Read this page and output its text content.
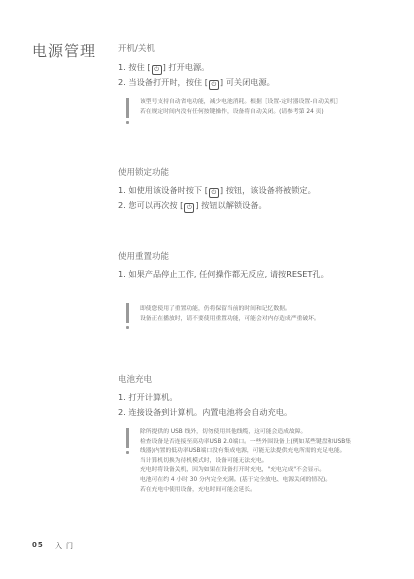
电源管理	开机/关机
1. 按住 [ ⏻ ] 打开电源。
2. 当设备打开时，按住 [ ⏻ ] 可关闭电源。

该型号支持自动省电功能，减少电池消耗。根据［设置-定时器设置-自动关机］

若在规定时间内没有任何按键操作，设备将自动关闭。(请参考第 24 页)

使用锁定功能
1. 如使用该设备时按下 [ ⏻ ] 按钮，该设备将被锁定。
2. 您可以再次按 [ ⏻ ] 按钮以解锁设备。
使用重置功能
1. 如果产品停止工作, 任何操作都无反应, 请按RESET孔。

即使您使用了重置功能，仍将保留当前的时间和记忆数据。

设备正在播放时，请不要使用重置功能，可能会对内存造成严重破坏。

电池充电
1. 打开计算机。
2. 连接设备到计算机。内置电池将会自动充电。

除所提供的 USB 线外，切勿使用其他线缆，这可能会造成故障。

检查设备是否连接至高功率USB 2.0端口。一些外围设备上(例如某些键盘和USB集

线器)内置的低功率USB端口没有集成电源，可能无法提供充电所需的充足电能。

当计算机切换为待机模式时，设备可能无法充电。

充电时将设备关机，因为如果在设备打开时充电，"充电完成"不会显示。

电池可在约 4 小时 30 分内完全充满。(基于完全放电、电源关闭的情况)。

若在充电中使用设备，充电时间可能会延长。

05 入门
